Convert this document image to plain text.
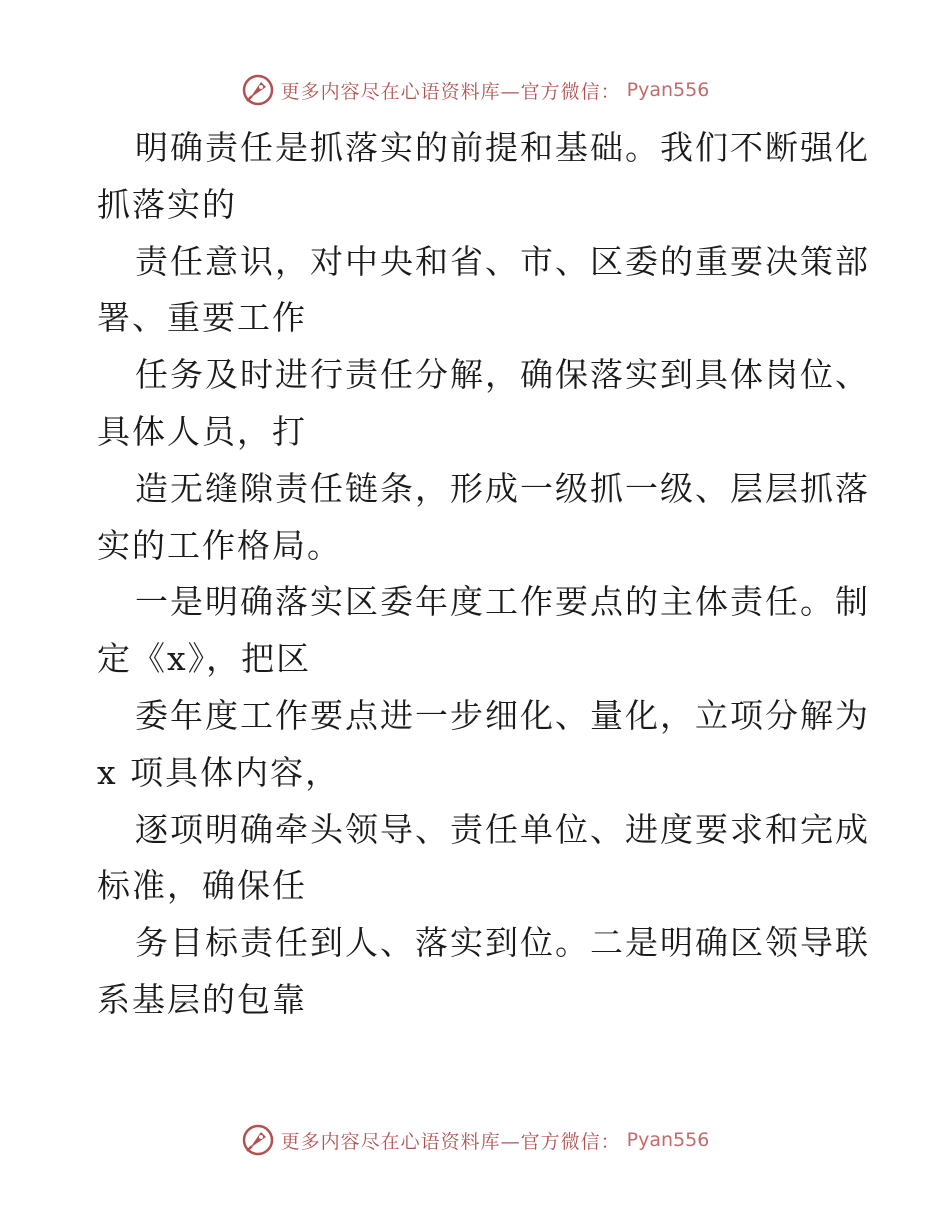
更多内容尽在心语资料库—官方微信： Pyan556
明确责任是抓落实的前提和基础。我们不断强化
抓落实的
责任意识，对中央和省、市、区委的重要决策部
署、重要工作
任务及时进行责任分解，确保落实到具体岗位、
具体人员，打
造无缝隙责任链条，形成一级抓一级、层层抓落
实的工作格局。
一是明确落实区委年度工作要点的主体责任。制
定《x》，把区
委年度工作要点进一步细化、量化，立项分解为
x 项具体内容，
逐项明确牵头领导、责任单位、进度要求和完成
标准，确保任
务目标责任到人、落实到位。二是明确区领导联
系基层的包靠
更多内容尽在心语资料库—官方微信： Pyan556
